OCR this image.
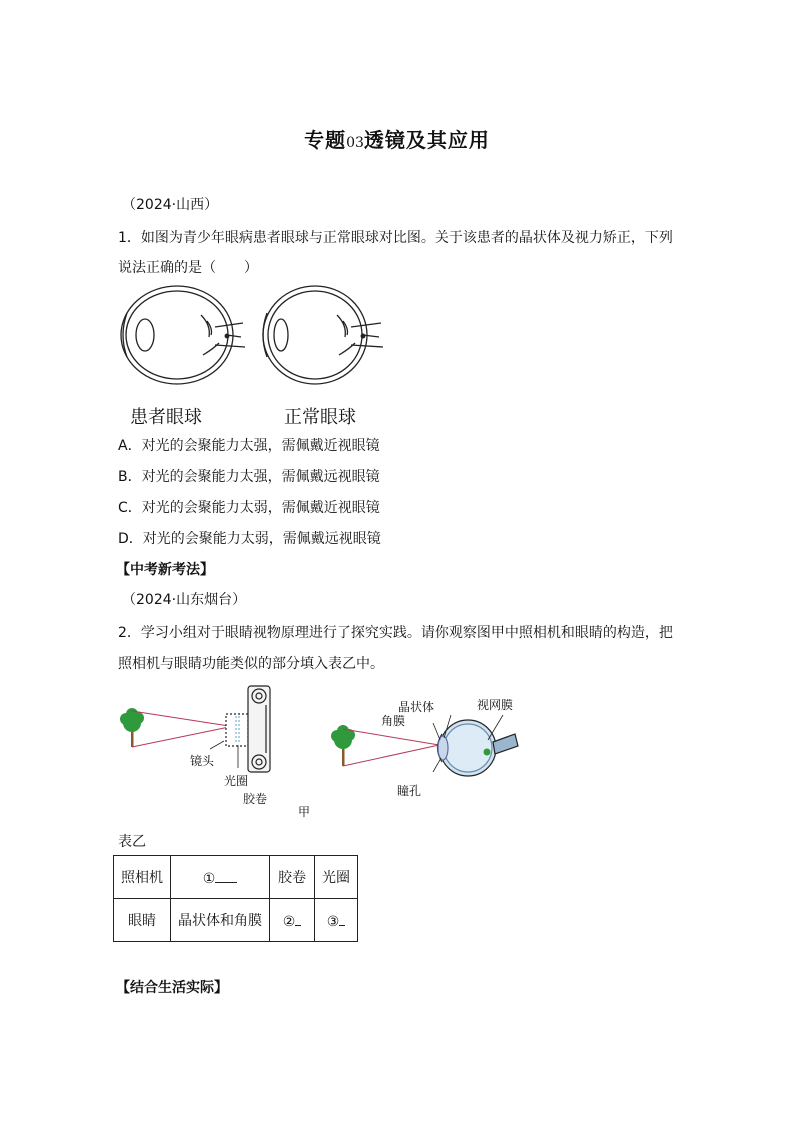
专题03透镜及其应用
（2024·山西）
1．如图为青少年眼病患者眼球与正常眼球对比图。关于该患者的晶状体及视力矫正，下列
说法正确的是（　　）
患者眼球	正常眼球
A．对光的会聚能力太强，需佩戴近视眼镜
B．对光的会聚能力太强，需佩戴远视眼镜
C．对光的会聚能力太弱，需佩戴近视眼镜
D．对光的会聚能力太弱，需佩戴远视眼镜
【中考新考法】
（2024·山东烟台）
2．学习小组对于眼睛视物原理进行了探究实践。请你观察图甲中照相机和眼睛的构造，把
照相机与眼睛功能类似的部分填入表乙中。
镜头
光圈
胶卷
晶状体
角膜
视网膜
瞳孔
甲
表乙
照相机	①	胶卷	光圈
眼睛	晶状体和角膜	②	③
【结合生活实际】
